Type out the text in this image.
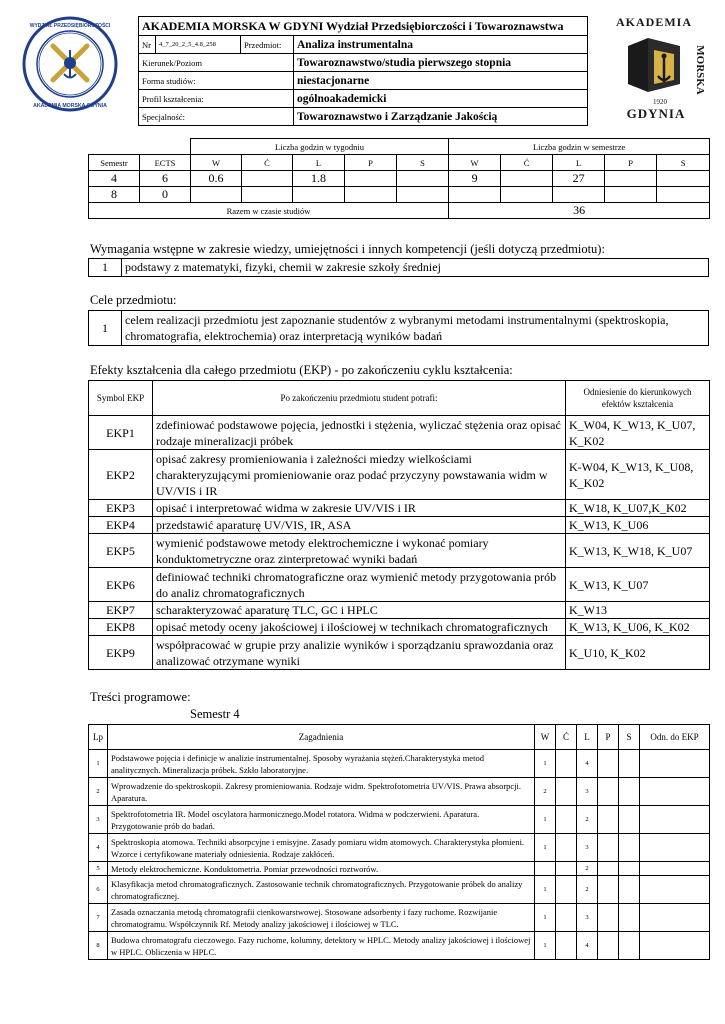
WYDZIAŁ PRZEDSIĘBIORCZOŚCI
AKADEMIA MORSKA GDYNIA
AKADEMIA
MORSKA
1920
GDYNIA
AKADEMIA MORSKA W GDYNI Wydział Przedsiębiorczości i Towaroznawstwa			
Nr	4_7_20_2_5_4.8_258	Przedmiot:	Analiza instrumentalna
Kierunek/Poziom			Towaroznawstwo/studia pierwszego stopnia
Forma studiów:			niestacjonarne
Profil kształcenia:			ogólnoakademicki
Specjalność:			Towaroznawstwo i Zarządzanie Jakością
		Liczba godzin w tygodniu					Liczba godzin w semestrze				
Semestr	ECTS	W	Ć	L	P	S	W	Ć	L	P	S
4	6	0.6		1.8			9		27		
8	0										
Razem w czasie studiów							36				
Wymagania wstępne w zakresie wiedzy, umiejętności i innych kompetencji (jeśli dotyczą przedmiotu):
1	podstawy z matematyki, fizyki, chemii w zakresie szkoły średniej
Cele przedmiotu:
1	celem realizacji przedmiotu jest zapoznanie studentów z wybranymi metodami instrumentalnymi (spektroskopia, chromatografia, elektrochemia) oraz interpretacją wyników badań
Efekty kształcenia dla całego przedmiotu (EKP) - po zakończeniu cyklu kształcenia:
Symbol EKP	Po zakończeniu przedmiotu student potrafi:	Odniesienie do kierunkowych efektów kształcenia
EKP1	zdefiniować podstawowe pojęcia, jednostki i stężenia, wyliczać stężenia oraz opisać rodzaje mineralizacji próbek	K_W04, K_W13, K_U07, K_K02
EKP2	opisać zakresy promieniowania i zależności miedzy wielkościami charakteryzującymi promieniowanie oraz podać przyczyny powstawania widm w UV/VIS i IR	K-W04, K_W13, K_U08, K_K02
EKP3	opisać i interpretować widma w zakresie UV/VIS i IR	K_W18, K_U07,K_K02
EKP4	przedstawić aparaturę UV/VIS, IR, ASA	K_W13, K_U06
EKP5	wymienić podstawowe metody elektrochemiczne i wykonać pomiary konduktometryczne oraz zinterpretować wyniki badań	K_W13, K_W18, K_U07
EKP6	definiować techniki chromatograficzne oraz wymienić metody przygotowania prób do analiz chromatograficznych	K_W13, K_U07
EKP7	scharakteryzować aparaturę TLC, GC i HPLC	K_W13
EKP8	opisać metody oceny jakościowej i ilościowej w technikach chromatograficznych	K_W13, K_U06, K_K02
EKP9	współpracować w grupie przy analizie wyników i sporządzaniu sprawozdania oraz analizować otrzymane wyniki	K_U10, K_K02
Treści programowe:
Semestr 4
Lp	Zagadnienia	W	Ć	L	P	S	Odn. do EKP
1	Podstawowe pojęcia i definicje w analizie instrumentalnej. Sposoby wyrażania stężeń.Charakterystyka metod analitycznych. Mineralizacja próbek. Szkło laboratoryjne.	1		4			
2	Wprowadzenie do spektroskopii. Zakresy promieniowania. Rodzaje widm. Spektrofotometria UV/VIS. Prawa absorpcji. Aparatura.	2		3			
3	Spektrofotometria IR. Model oscylatora harmonicznego.Model rotatora. Widma w podczerwieni. Aparatura. Przygotowanie prób do badań.	1		2			
4	Spektroskopia atomowa. Techniki absorpcyjne i emisyjne. Zasady pomiaru widm atomowych. Charakterystyka płomieni. Wzorce i certyfikowane materiały odniesienia. Rodzaje zakłóceń.	1		3			
5	Metody elektrochemiczne. Konduktometria. Pomiar przewodności roztworów.			2			
6	Klasyfikacja metod chromatograficznych. Zastosowanie technik chromatograficznych. Przygotowanie próbek do analizy chromatograficznej.	1		2			
7	Zasada oznaczania metodą chromatografii cienkowarstwowej. Stosowane adsorbenty i fazy ruchome. Rozwijanie chromatogramu. Współczynnik Rf. Metody analizy jakościowej i ilościowej w TLC.	1		3			
8	Budowa chromatografu cieczowego. Fazy ruchome, kolumny, detektory w HPLC. Metody analizy jakościowej i ilościowej w HPLC. Obliczenia w HPLC.	1		4			
